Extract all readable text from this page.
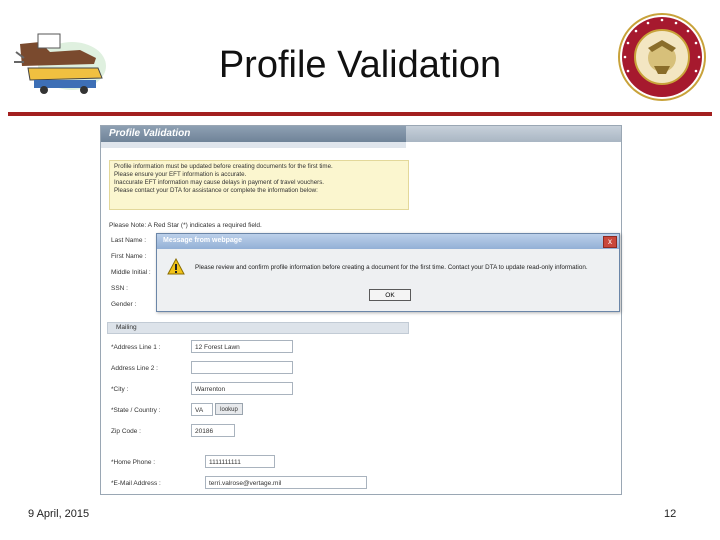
Profile Validation
Profile Validation
Profile information must be updated before creating documents for the first time.
Please ensure your EFT information is accurate.
Inaccurate EFT information may cause delays in payment of travel vouchers.
Please contact your DTA for assistance or complete the information below:
Please Note: A Red Star (*) indicates a required field.
Last Name :
First Name :
Middle Initial :
SSN :
Gender :
Mailing
*Address Line 1 :	12 Forest Lawn
Address Line 2 :
*City :	Warrenton
*State / Country :	VA	lookup
Zip Code :	20186
*Home Phone :	1111111111
*E-Mail Address :	terri.valrose@vertage.mil
Message from webpage	x
Please review and confirm profile information before creating a document for the first time. Contact your DTA to update read-only information.
OK
9 April, 2015	12
